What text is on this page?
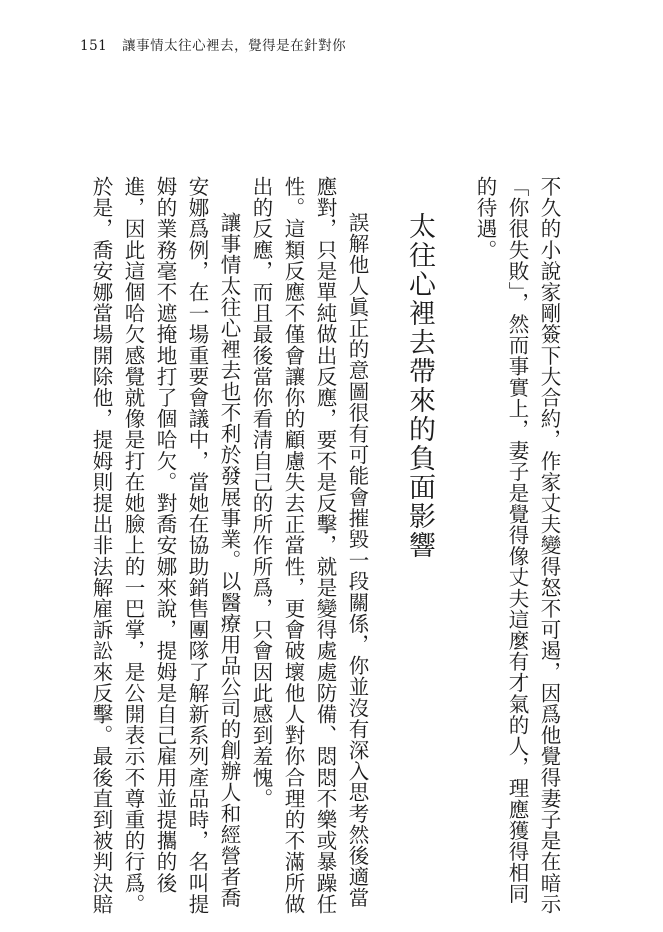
151 讓事情太往心裡去，覺得是在針對你
不久的小說家剛簽下大合約，作家丈夫變得怒不可遏，因爲他覺得妻子是在暗示
「你很失敗」，然而事實上，妻子是覺得像丈夫這麼有才氣的人，理應獲得相同
的待遇。
太往心裡去帶來的負面影響
誤解他人眞正的意圖很有可能會摧毀一段關係，你並沒有深入思考然後適當
應對，只是單純做出反應，要不是反擊，就是變得處處防備、悶悶不樂或暴躁任
性。這類反應不僅會讓你的顧慮失去正當性，更會破壞他人對你合理的不滿所做
出的反應，而且最後當你看清自己的所作所爲，只會因此感到羞愧。
讓事情太往心裡去也不利於發展事業。以醫療用品公司的創辦人和經營者喬
安娜爲例，在一場重要會議中，當她在協助銷售團隊了解新系列產品時，名叫提
姆的業務毫不遮掩地打了個哈欠。對喬安娜來說，提姆是自己雇用並提攜的後
進，因此這個哈欠感覺就像是打在她臉上的一巴掌，是公開表示不尊重的行爲。
於是，喬安娜當場開除他，提姆則提出非法解雇訴訟來反擊。最後直到被判決賠
